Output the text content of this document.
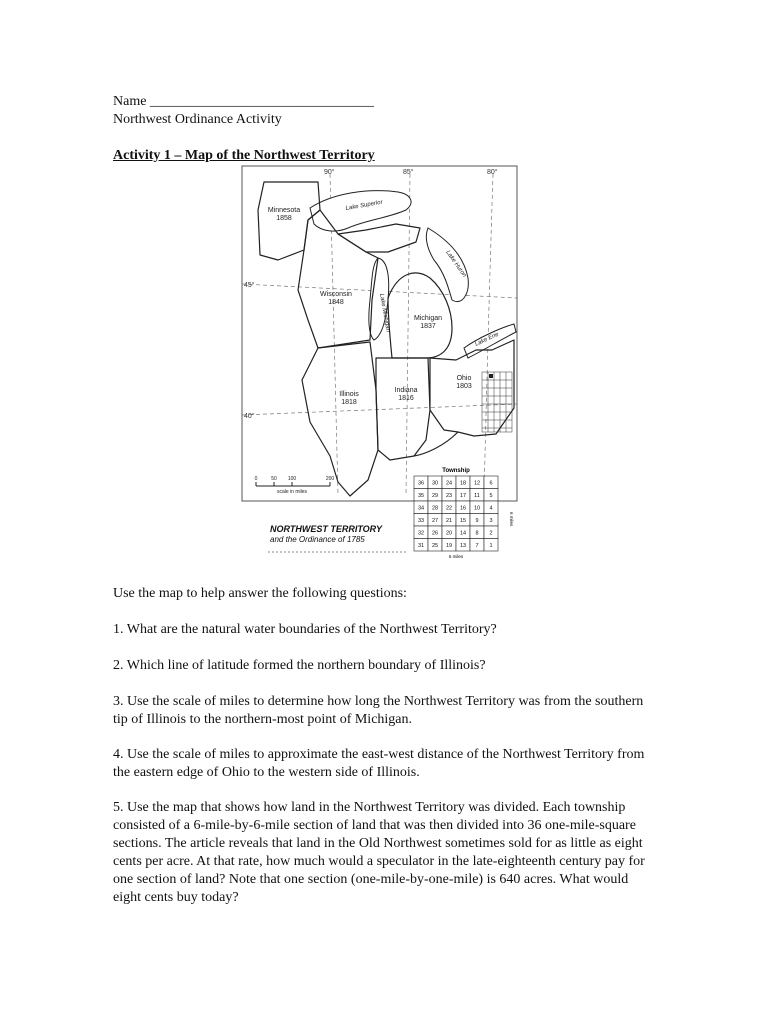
Name ________________________________
Northwest Ordinance Activity
Activity 1 – Map of the Northwest Territory
90°	85°	80°
45°
40°
Minnesota
1858
Wisconsin
1848
Michigan
1837
Ohio
1803
Indiana
1816
Illinois
1818
Lake Superior
Lake Michigan
Lake Huron
Lake Erie
0	50 100	200
scale in miles
NORTHWEST TERRITORY
and the Ordinance of 1785
Township
36 30 24 18 12 6
35 29 23 17 11 5
34 28 22 16 10 4
33 27 21 15 9 3
32 26 20 14 8 2
31 25 19 13 7 1
6 miles
6 miles
Use the map to help answer the following questions:
1. What are the natural water boundaries of the Northwest Territory?
2. Which line of latitude formed the northern boundary of Illinois?
3. Use the scale of miles to determine how long the Northwest Territory was from the southern tip of Illinois to the northern-most point of Michigan.
4. Use the scale of miles to approximate the east-west distance of the Northwest Territory from the eastern edge of Ohio to the western side of Illinois.
5. Use the map that shows how land in the Northwest Territory was divided. Each township consisted of a 6-mile-by-6-mile section of land that was then divided into 36 one-mile-square sections. The article reveals that land in the Old Northwest sometimes sold for as little as eight cents per acre. At that rate, how much would a speculator in the late-eighteenth century pay for one section of land? Note that one section (one-mile-by-one-mile) is 640 acres. What would eight cents buy today?
